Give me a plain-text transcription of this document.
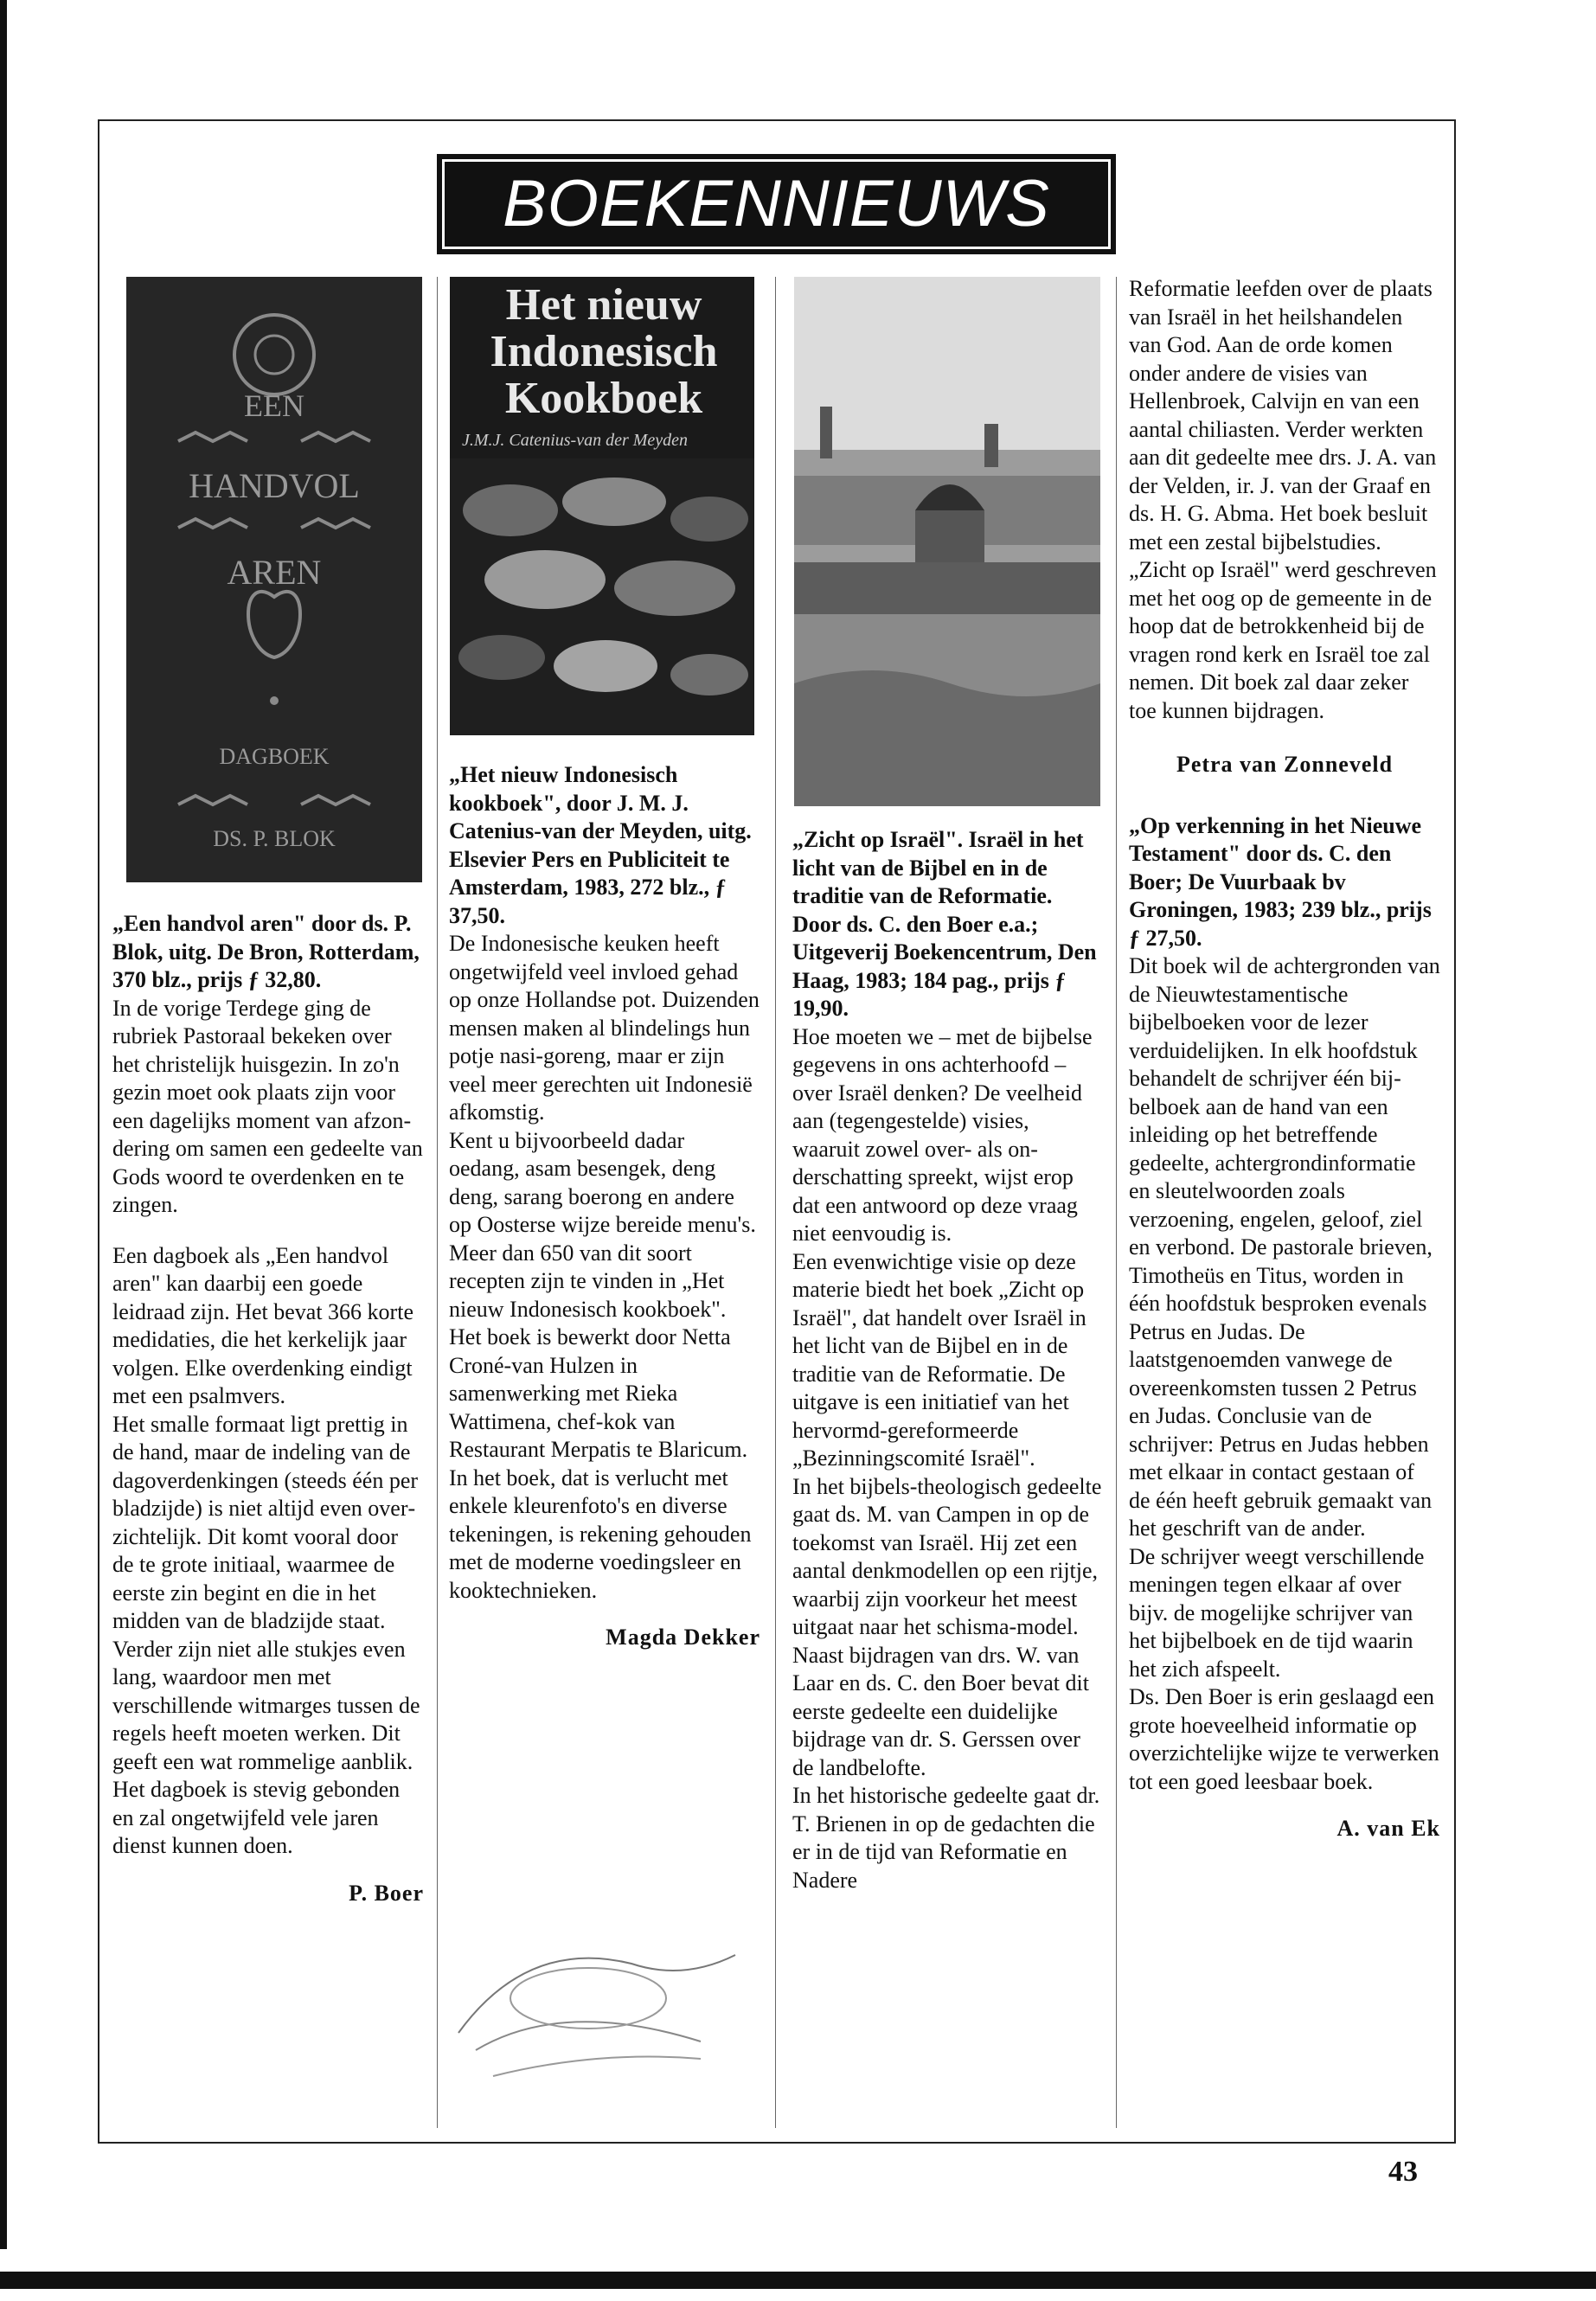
BOEKENNIEUWS
EEN
HANDVOL
AREN
DAGBOEK
DS. P. BLOK
Het nieuw Indonesisch Kookboek
J.M.J. Catenius-van der Meyden

„Een handvol aren" door ds. P. Blok, uitg. De Bron, Rotterdam, 370 blz., prijs ƒ 32,80.

In de vorige Terdege ging de rubriek Pastoraal bekeken over het christelijk huisgezin. In zo'n gezin moet ook plaats zijn voor een dagelijks moment van afzondering om samen een gedeelte van Gods woord te overdenken en te zingen.

Een dagboek als „Een handvol aren" kan daarbij een goede leidraad zijn. Het bevat 366 korte medidaties, die het kerkelijk jaar volgen. Elke overdenking eindigt met een psalmvers.

Het smalle formaat ligt prettig in de hand, maar de indeling van de dagoverdenkingen (steeds één per bladzijde) is niet altijd even overzichtelijk. Dit komt vooral door de te grote initiaal, waarmee de eerste zin begint en die in het midden van de bladzijde staat. Verder zijn niet alle stukjes even lang, waardoor men met verschillende witmarges tussen de regels heeft moeten werken. Dit geeft een wat rommelige aanblik.

Het dagboek is stevig gebonden en zal ongetwijfeld vele jaren dienst kunnen doen.

P. Boer

„Het nieuw Indonesisch kookboek", door J. M. J. Catenius-van der Meyden, uitg. Elsevier Pers en Publiciteit te Amsterdam, 1983, 272 blz., ƒ 37,50.

De Indonesische keuken heeft ongetwijfeld veel invloed gehad op onze Hollandse pot. Duizenden mensen maken al blindelings hun potje nasi-goreng, maar er zijn veel meer gerechten uit Indonesië afkomstig.

Kent u bijvoorbeeld dadar oedang, asam besengek, deng deng, sarang boerong en andere op Oosterse wijze bereide menu's. Meer dan 650 van dit soort recepten zijn te vinden in „Het nieuw Indonesisch kookboek".

Het boek is bewerkt door Netta Croné-van Hulzen in samenwerking met Rieka Wattimena, chef-kok van Restaurant Merpatis te Blaricum. In het boek, dat is verlucht met enkele kleurenfoto's en diverse tekeningen, is rekening gehouden met de moderne voedingsleer en kooktechnieken.

Magda Dekker

„Zicht op Israël". Israël in het licht van de Bijbel en in de traditie van de Reformatie. Door ds. C. den Boer e.a.; Uitgeverij Boekencentrum, Den Haag, 1983; 184 pag., prijs ƒ 19,90.

Hoe moeten we – met de bijbelse gegevens in ons achterhoofd – over Israël denken? De veelheid aan (tegengestelde) visies, waaruit zowel over- als onderschatting spreekt, wijst erop dat een antwoord op deze vraag niet eenvoudig is.

Een evenwichtige visie op deze materie biedt het boek „Zicht op Israël", dat handelt over Israël in het licht van de Bijbel en in de traditie van de Reformatie. De uitgave is een initiatief van het hervormd-gereformeerde „Bezinningscomité Israël".

In het bijbels-theologisch gedeelte gaat ds. M. van Campen in op de toekomst van Israël. Hij zet een aantal denkmodellen op een rijtje, waarbij zijn voorkeur het meest uitgaat naar het schisma-model.

Naast bijdragen van drs. W. van Laar en ds. C. den Boer bevat dit eerste gedeelte een duidelijke bijdrage van dr. S. Gerssen over de landbelofte.

In het historische gedeelte gaat dr. T. Brienen in op de gedachten die er in de tijd van Reformatie en Nadere

Reformatie leefden over de plaats van Israël in het heilshandelen van God. Aan de orde komen onder andere de visies van Hellenbroek, Calvijn en van een aantal chiliasten. Verder werkten aan dit gedeelte mee drs. J. A. van der Velden, ir. J. van der Graaf en ds. H. G. Abma. Het boek besluit met een zestal bijbelstudies.

„Zicht op Israël" werd geschreven met het oog op de gemeente in de hoop dat de betrokkenheid bij de vragen rond kerk en Israël toe zal nemen. Dit boek zal daar zeker toe kunnen bijdragen.

Petra van Zonneveld

„Op verkenning in het Nieuwe Testament" door ds. C. den Boer; De Vuurbaak bv Groningen, 1983; 239 blz., prijs ƒ 27,50.

Dit boek wil de achtergronden van de Nieuwtestamentische bijbelboeken voor de lezer verduidelijken. In elk hoofdstuk behandelt de schrijver één bijbelboek aan de hand van een inleiding op het betreffende gedeelte, achtergrondinformatie en sleutelwoorden zoals verzoening, engelen, geloof, ziel en verbond. De pastorale brieven, Timotheüs en Titus, worden in één hoofdstuk besproken evenals Petrus en Judas. De laatstgenoemden vanwege de overeenkomsten tussen 2 Petrus en Judas. Conclusie van de schrijver: Petrus en Judas hebben met elkaar in contact gestaan of de één heeft gebruik gemaakt van het geschrift van de ander.

De schrijver weegt verschillende meningen tegen elkaar af over bijv. de mogelijke schrijver van het bijbelboek en de tijd waarin het zich afspeelt.

Ds. Den Boer is erin geslaagd een grote hoeveelheid informatie op overzichtelijke wijze te verwerken tot een goed leesbaar boek.

A. van Ek
43
